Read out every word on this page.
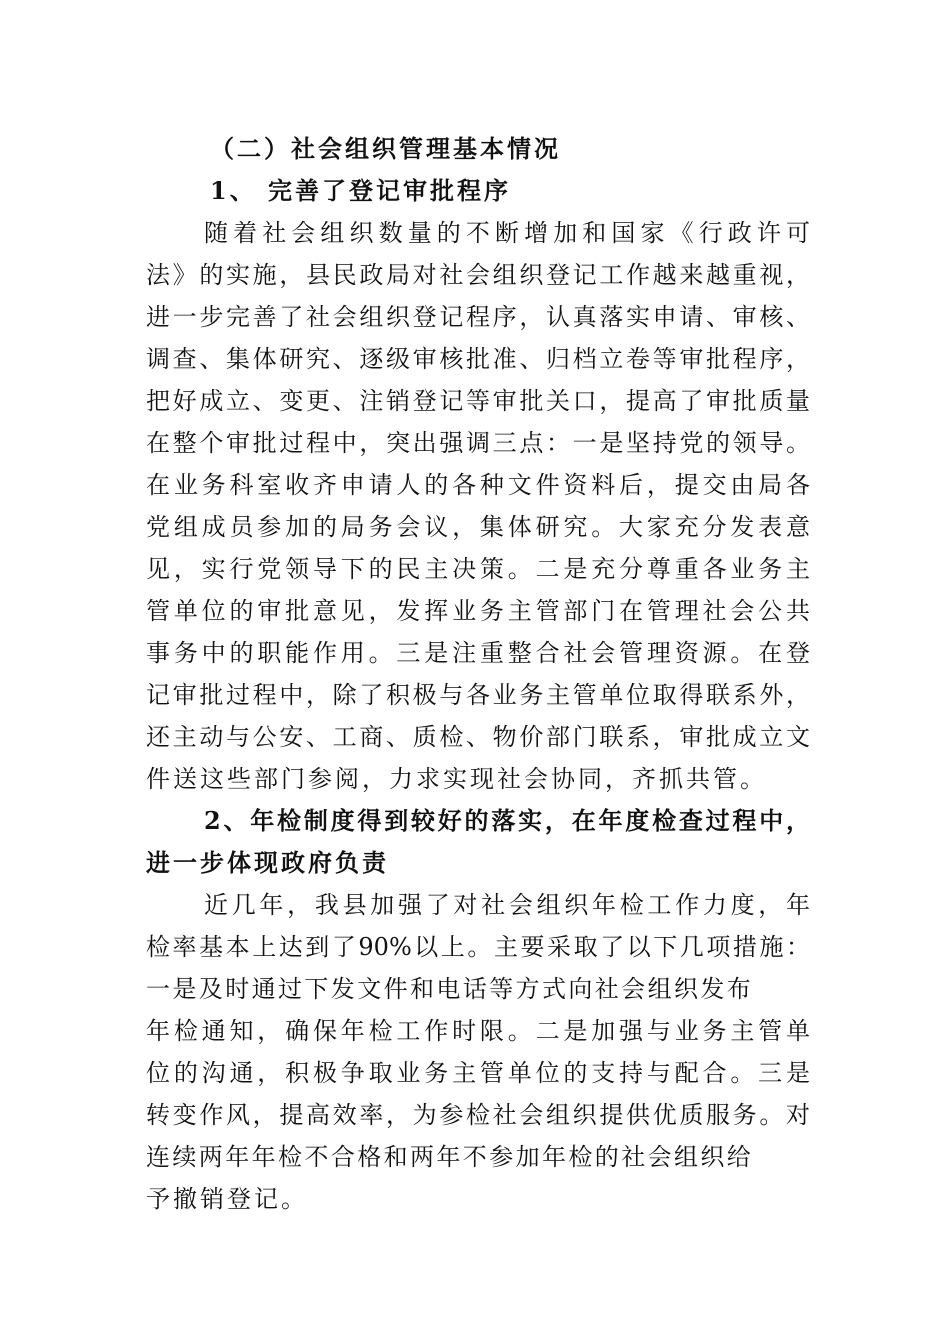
（二）社会组织管理基本情况
1、 完善了登记审批程序
随着社会组织数量的不断增加和国家《行政许可
法》的实施，县民政局对社会组织登记工作越来越重视，
进一步完善了社会组织登记程序，认真落实申请、审核、
调查、集体研究、逐级审核批准、归档立卷等审批程序，
把好成立、变更、注销登记等审批关口，提高了审批质量
在整个审批过程中，突出强调三点：一是坚持党的领导。
在业务科室收齐申请人的各种文件资料后，提交由局各
党组成员参加的局务会议，集体研究。大家充分发表意
见，实行党领导下的民主决策。二是充分尊重各业务主
管单位的审批意见，发挥业务主管部门在管理社会公共
事务中的职能作用。三是注重整合社会管理资源。在登
记审批过程中，除了积极与各业务主管单位取得联系外，
还主动与公安、工商、质检、物价部门联系，审批成立文
件送这些部门参阅，力求实现社会协同，齐抓共管。
2、年检制度得到较好的落实，在年度检查过程中，
进一步体现政府负责
近几年，我县加强了对社会组织年检工作力度，年
检率基本上达到了90%以上。主要采取了以下几项措施：
一是及时通过下发文件和电话等方式向社会组织发布
年检通知，确保年检工作时限。二是加强与业务主管单
位的沟通，积极争取业务主管单位的支持与配合。三是
转变作风，提高效率，为参检社会组织提供优质服务。对
连续两年年检不合格和两年不参加年检的社会组织给
予撤销登记。
